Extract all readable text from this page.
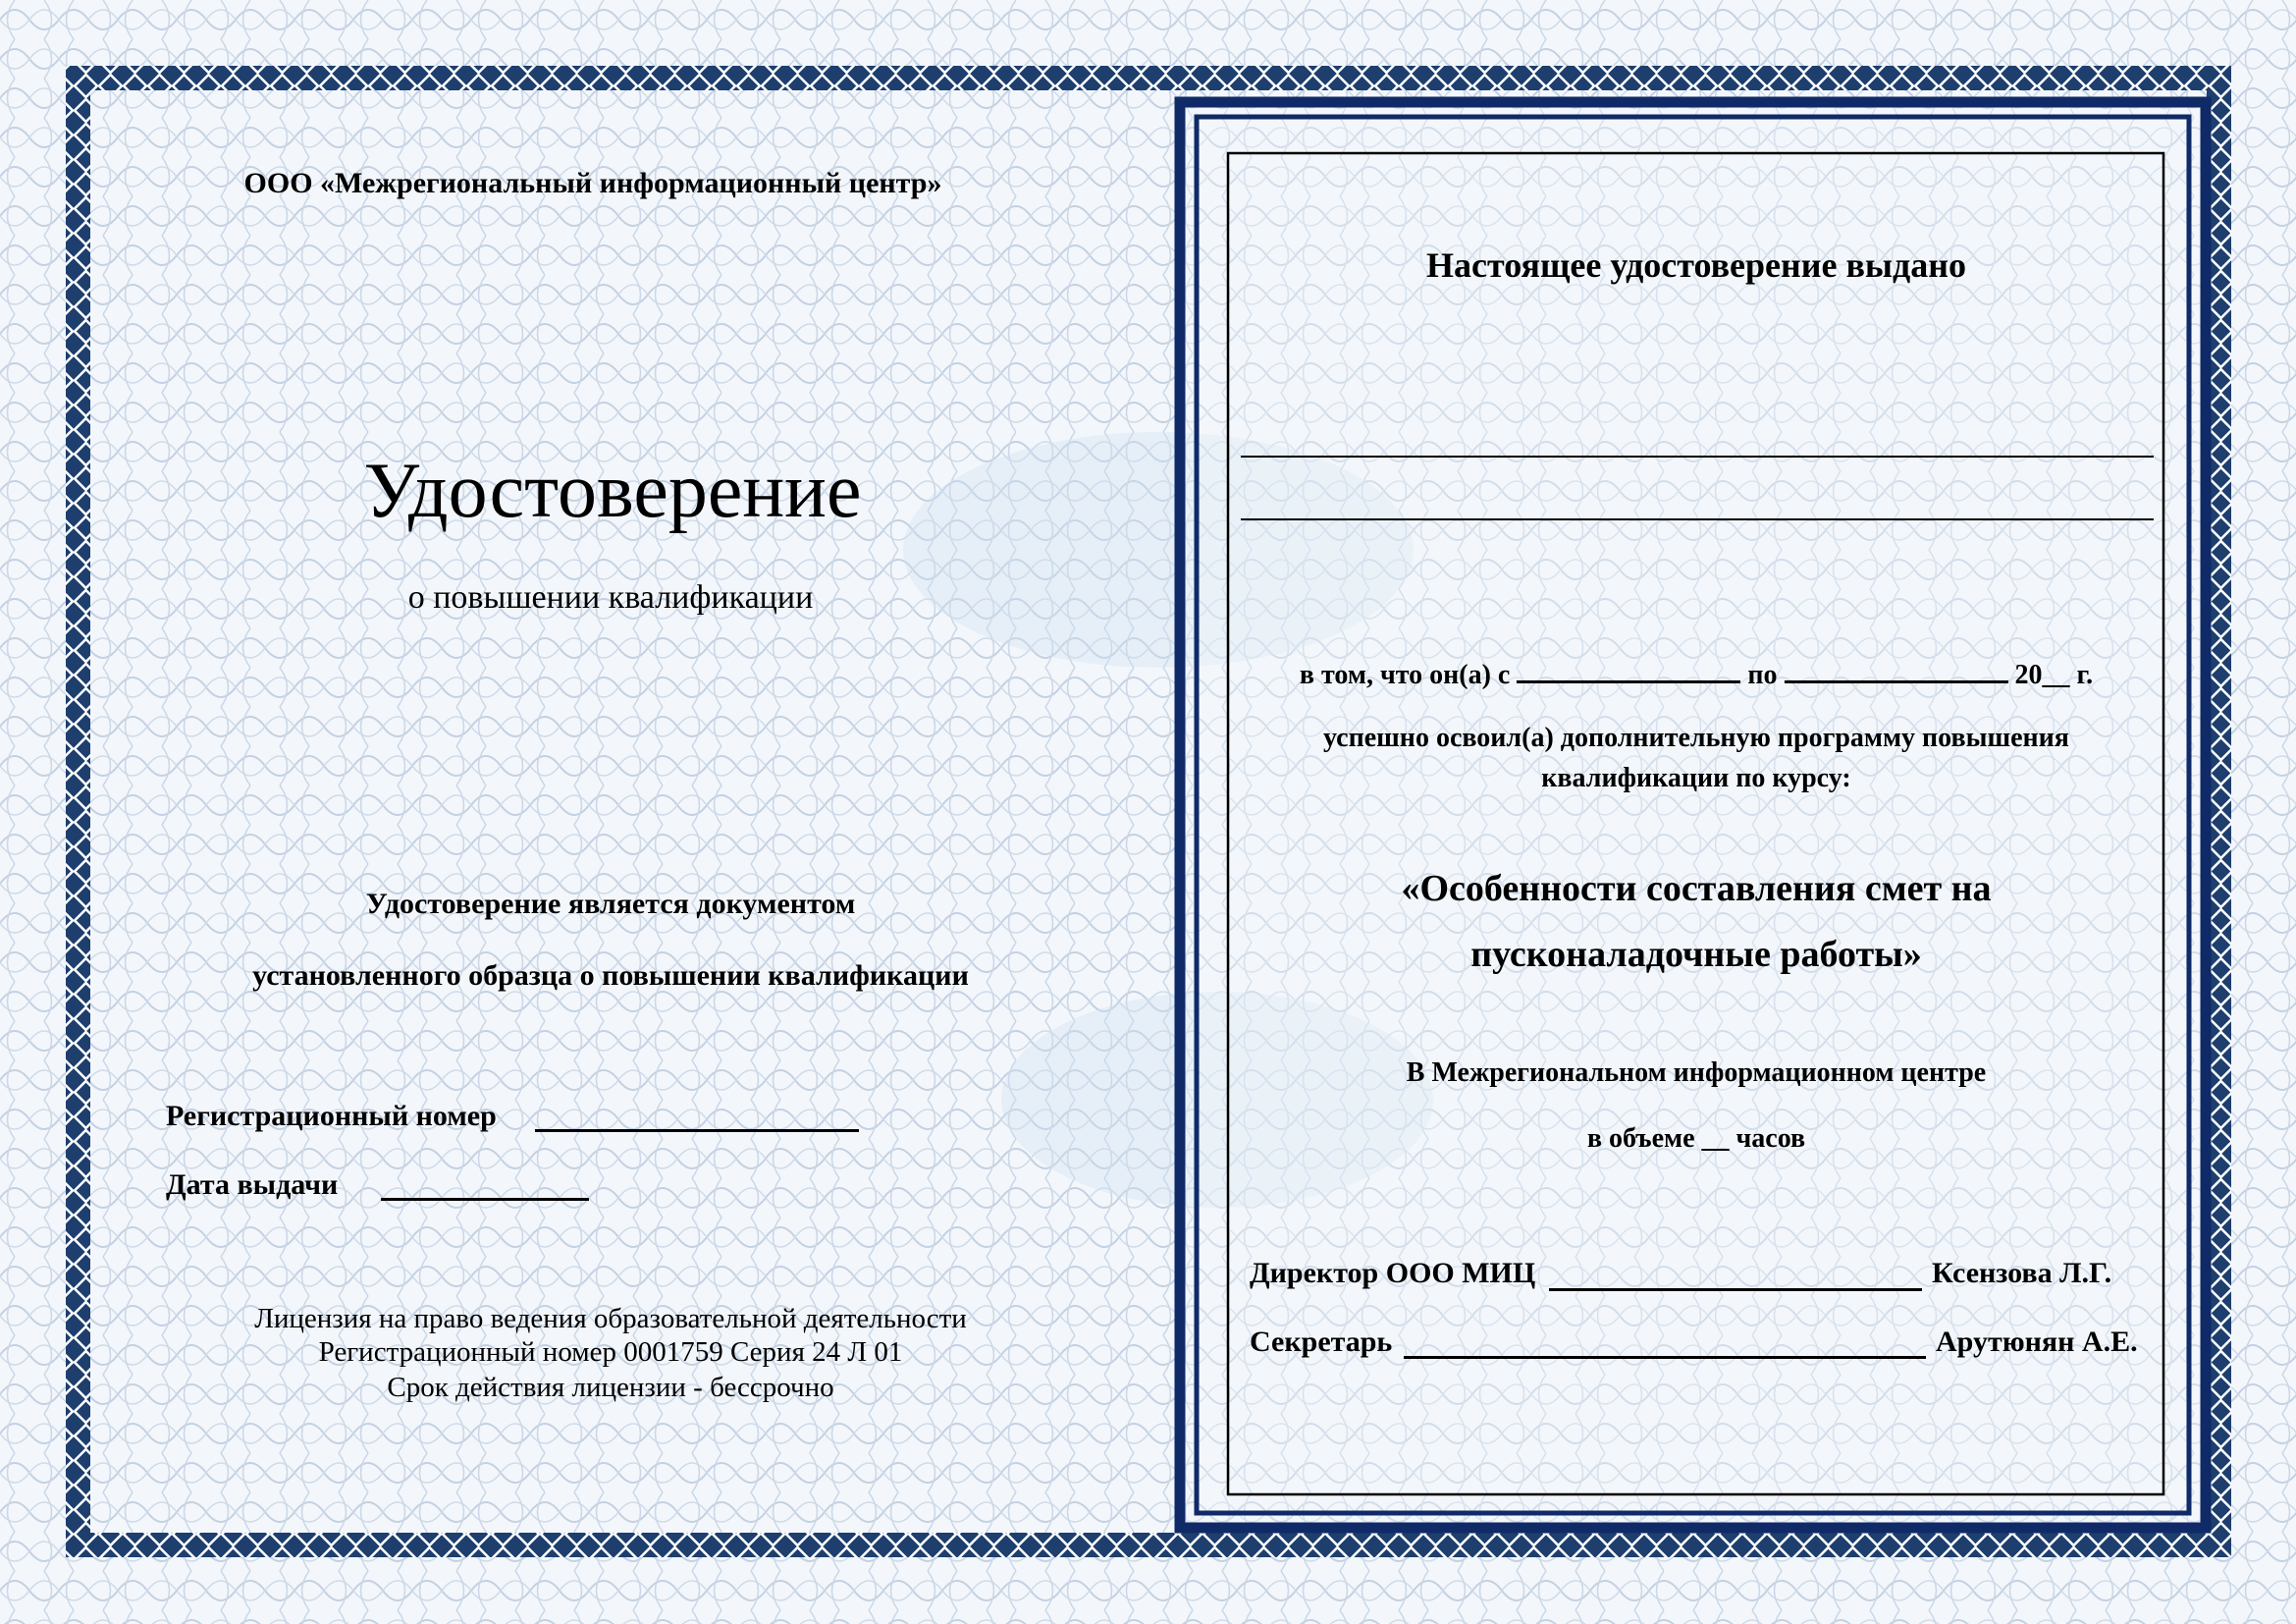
ООО «Межрегиональный информационный центр»
Удостоверение
о повышении квалификации
Удостоверение является документом
установленного образца о повышении квалификации
Регистрационный номер
Дата выдачи
Лицензия на право ведения образовательной деятельности
Регистрационный номер 0001759 Серия 24 Л 01
Срок действия лицензии - бессрочно
Настоящее удостоверение выдано
в том, что он(а) с	по	20__ г.
успешно освоил(а) дополнительную программу повышения
квалификации по курсу:
«Особенности составления смет на
пусконаладочные работы»
В Межрегиональном информационном центре
в объеме __ часов
Директор ООО МИЦ	Ксензова Л.Г.
Секретарь	Арутюнян А.Е.
